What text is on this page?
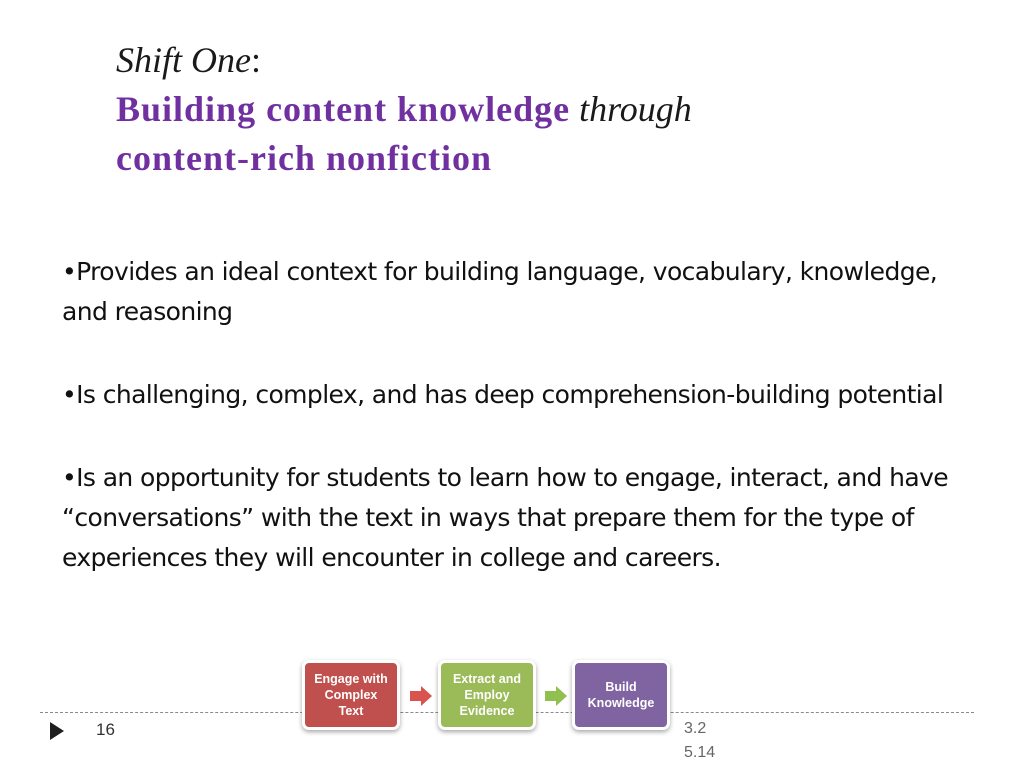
Shift One:
Building content knowledge through
content-rich nonfiction

•Provides an ideal context for building language, vocabulary, knowledge, and reasoning

•Is challenging, complex, and has deep comprehension-building potential

•Is an opportunity for students to learn how to engage, interact, and have “conversations” with the text in ways that prepare them for the type of experiences they will encounter in college and careers.

16	3.2
5.14
Engage with Complex Text
Extract and Employ Evidence
Build Knowledge
